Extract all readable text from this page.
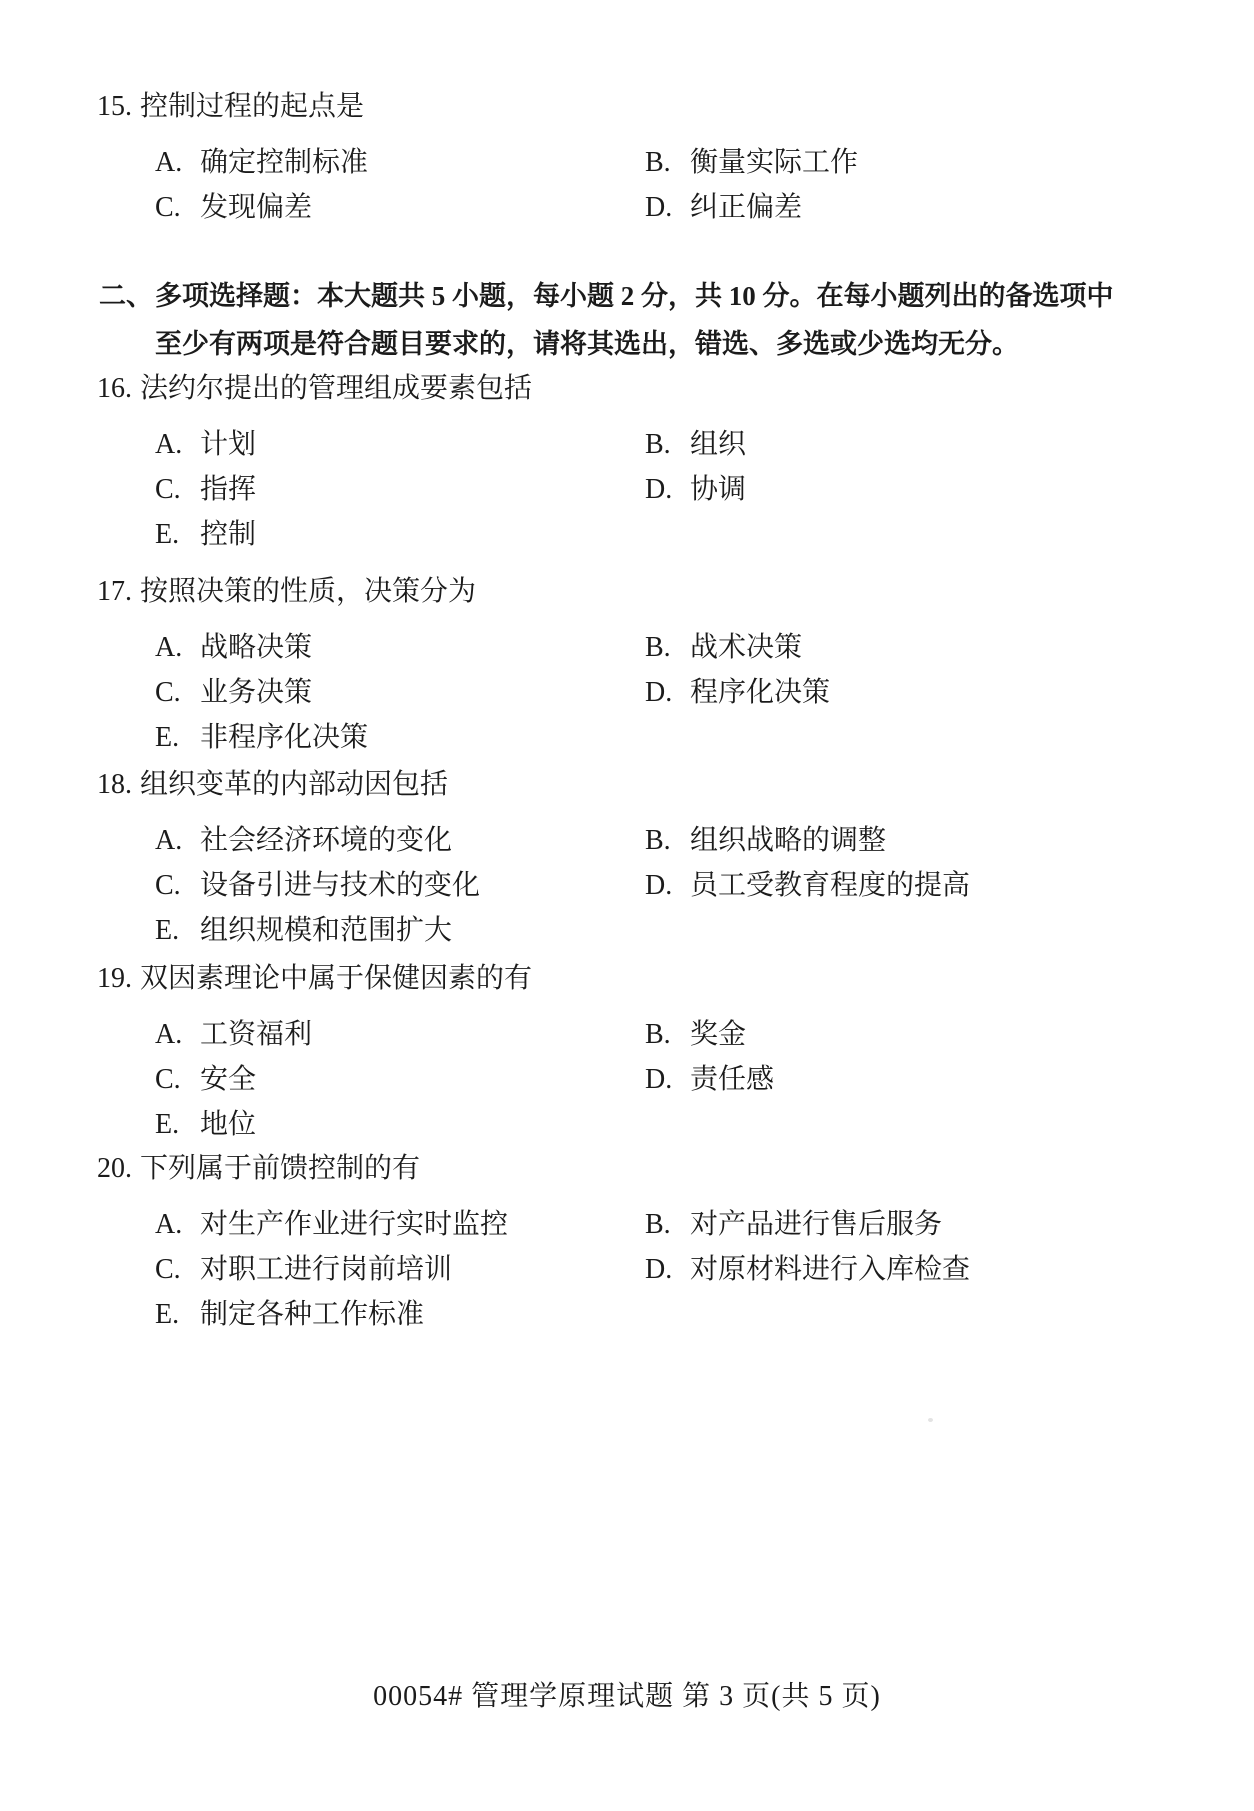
15. 控制过程的起点是
A. 确定控制标准	B. 衡量实际工作
C. 发现偏差	D. 纠正偏差
二、 多项选择题：本大题共 5 小题，每小题 2 分，共 10 分。在每小题列出的备选项中
至少有两项是符合题目要求的，请将其选出，错选、多选或少选均无分。
16. 法约尔提出的管理组成要素包括
A. 计划	B. 组织
C. 指挥	D. 协调
E. 控制
17. 按照决策的性质，决策分为
A. 战略决策	B. 战术决策
C. 业务决策	D. 程序化决策
E. 非程序化决策
18. 组织变革的内部动因包括
A. 社会经济环境的变化	B. 组织战略的调整
C. 设备引进与技术的变化	D. 员工受教育程度的提高
E. 组织规模和范围扩大
19. 双因素理论中属于保健因素的有
A. 工资福利	B. 奖金
C. 安全	D. 责任感
E. 地位
20. 下列属于前馈控制的有
A. 对生产作业进行实时监控	B. 对产品进行售后服务
C. 对职工进行岗前培训	D. 对原材料进行入库检查
E. 制定各种工作标准
00054# 管理学原理试题 第 3 页(共 5 页)
